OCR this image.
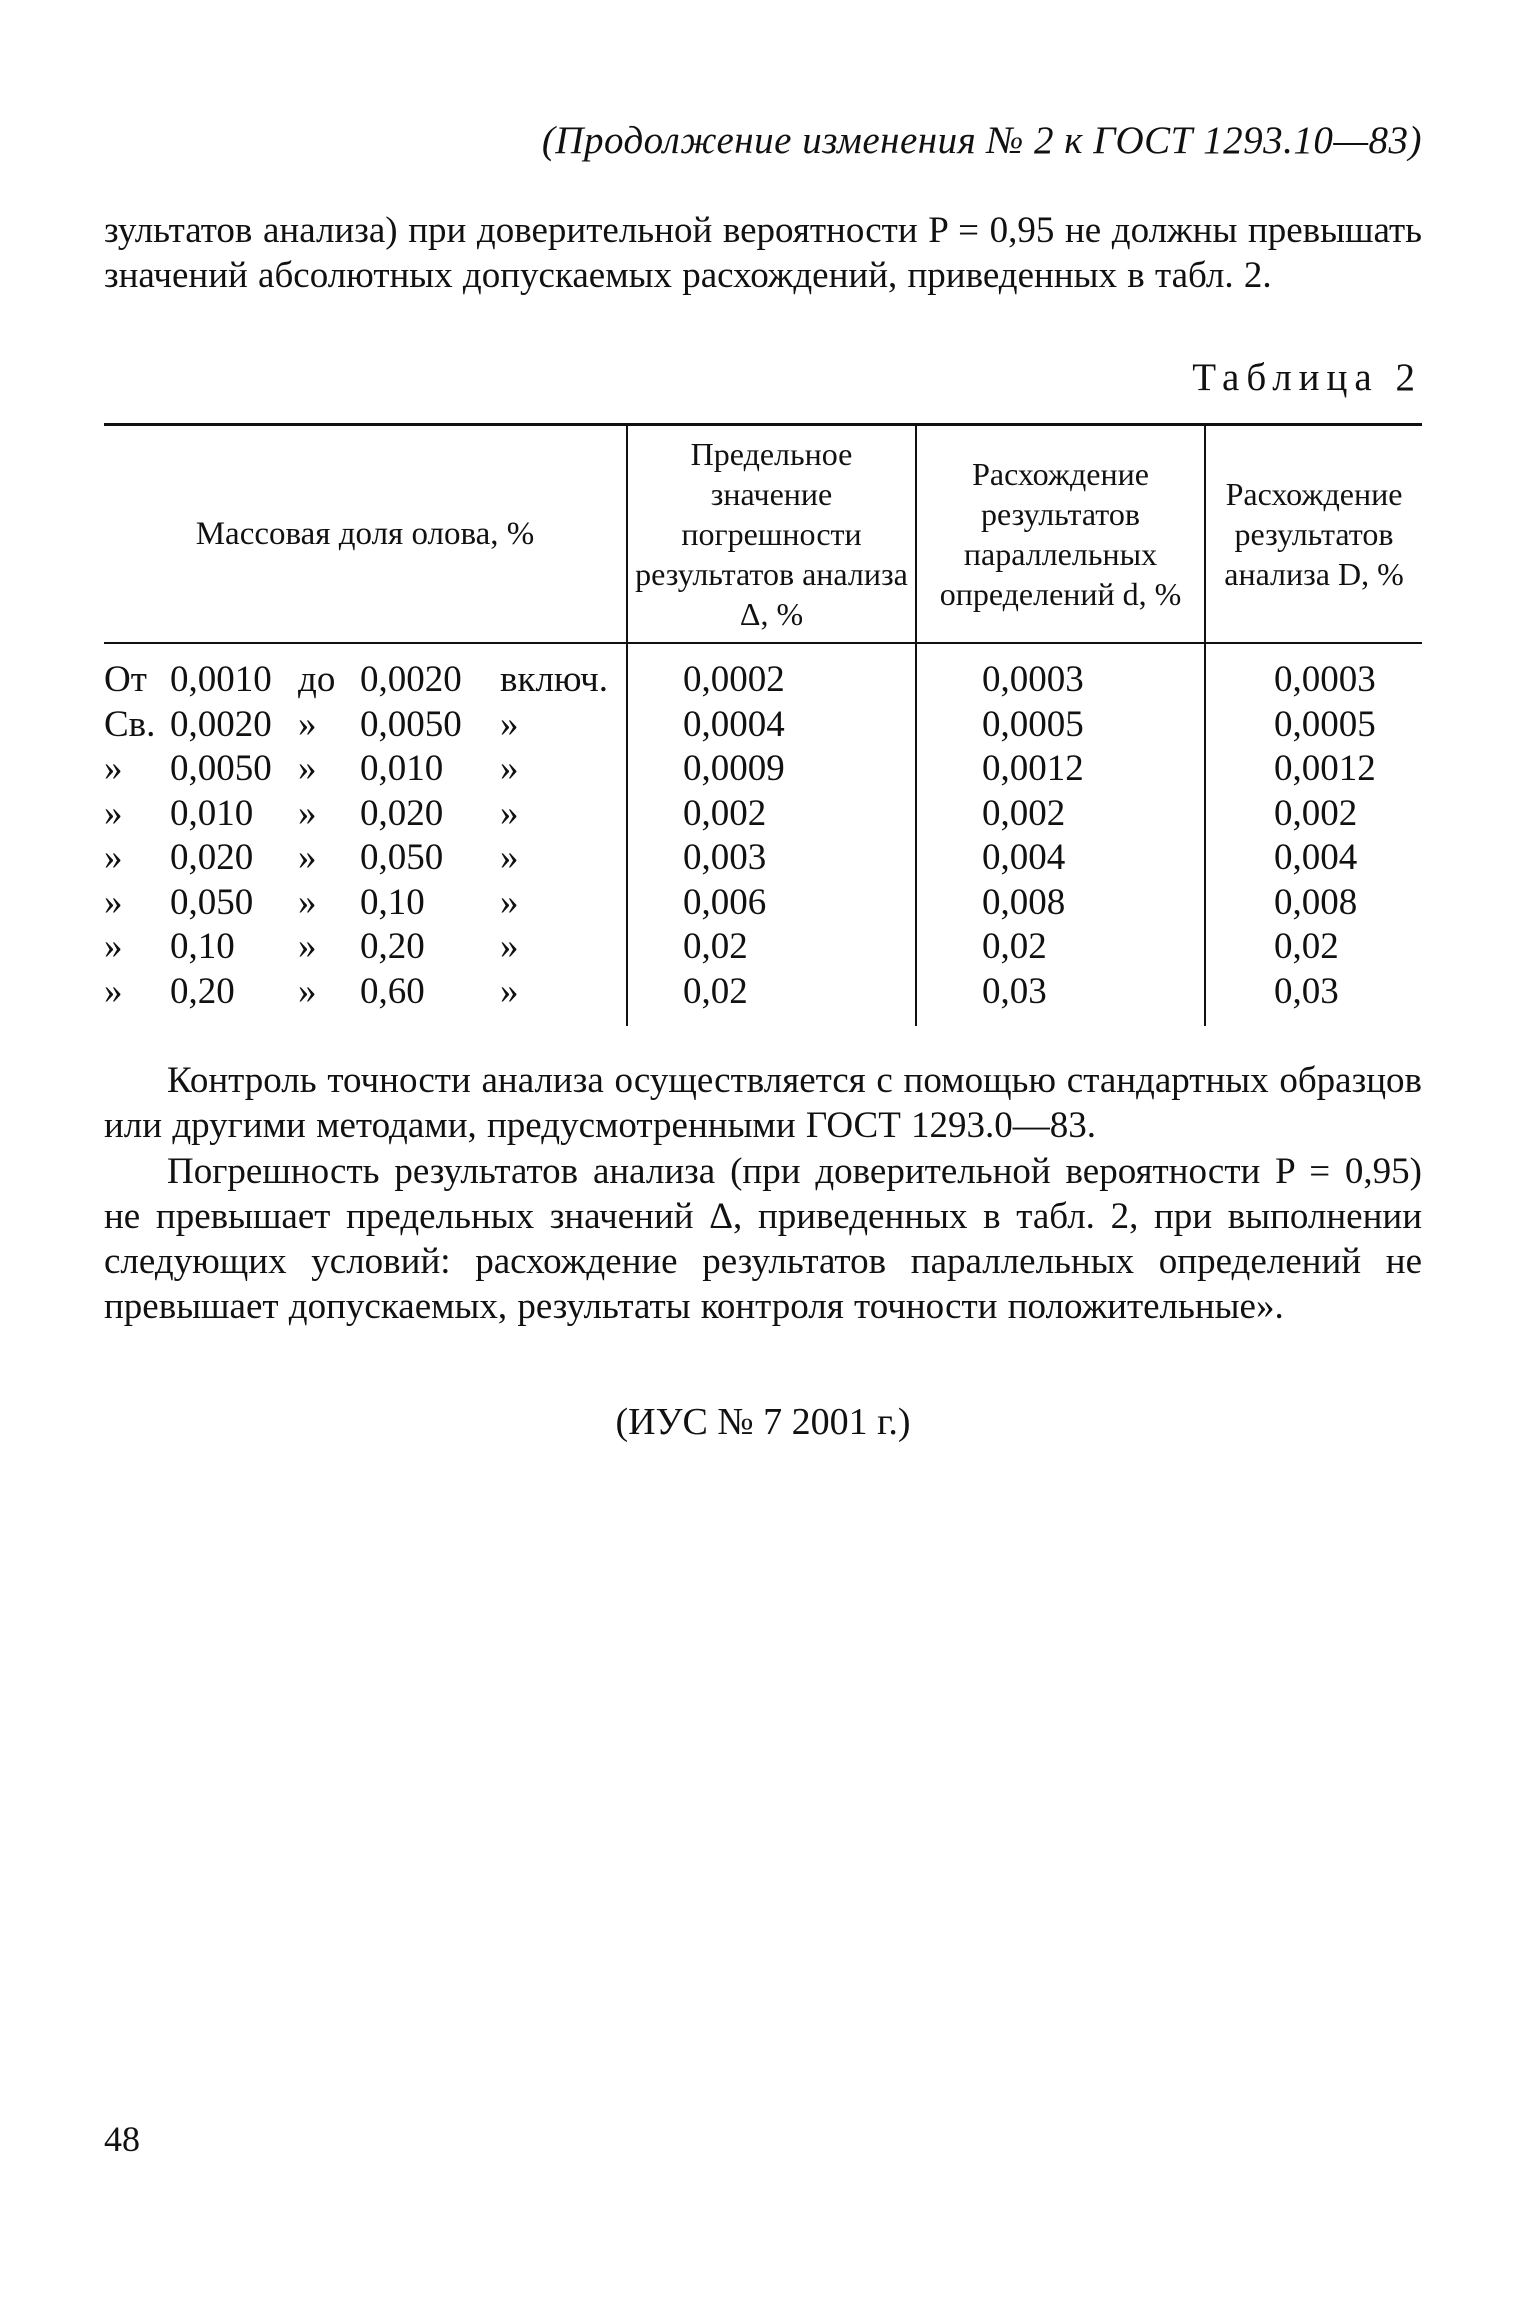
(Продолжение изменения № 2 к ГОСТ 1293.10—83)
зультатов анализа) при доверительной вероятности P = 0,95 не должны превышать значений абсолютных допускаемых расхождений, приведенных в табл. 2.
Таблица 2
Массовая доля олова, %	Предельное значение погрешности результатов анализа Δ, %	Расхождение результатов параллельных определений d, %	Расхождение результатов анализа D, %

От 0,0010 до 0,0020 включ.	0,0002	0,0003	0,0003

Св. 0,0020 » 0,0050 »	0,0004	0,0005	0,0005

» 0,0050 » 0,010 »	0,0009	0,0012	0,0012

» 0,010 » 0,020 »	0,002	0,002	0,002

» 0,020 » 0,050 »	0,003	0,004	0,004

» 0,050 » 0,10 »	0,006	0,008	0,008

» 0,10 » 0,20 »	0,02	0,02	0,02

» 0,20 » 0,60 »	0,02	0,03	0,03
Контроль точности анализа осуществляется с помощью стандартных образцов или другими методами, предусмотренными ГОСТ 1293.0—83.
Погрешность результатов анализа (при доверительной вероятности P = 0,95) не превышает предельных значений Δ, приведенных в табл. 2, при выполнении следующих условий: расхождение результатов параллельных определений не превышает допускаемых, результаты контроля точности положительные».
(ИУС № 7 2001 г.)
48
